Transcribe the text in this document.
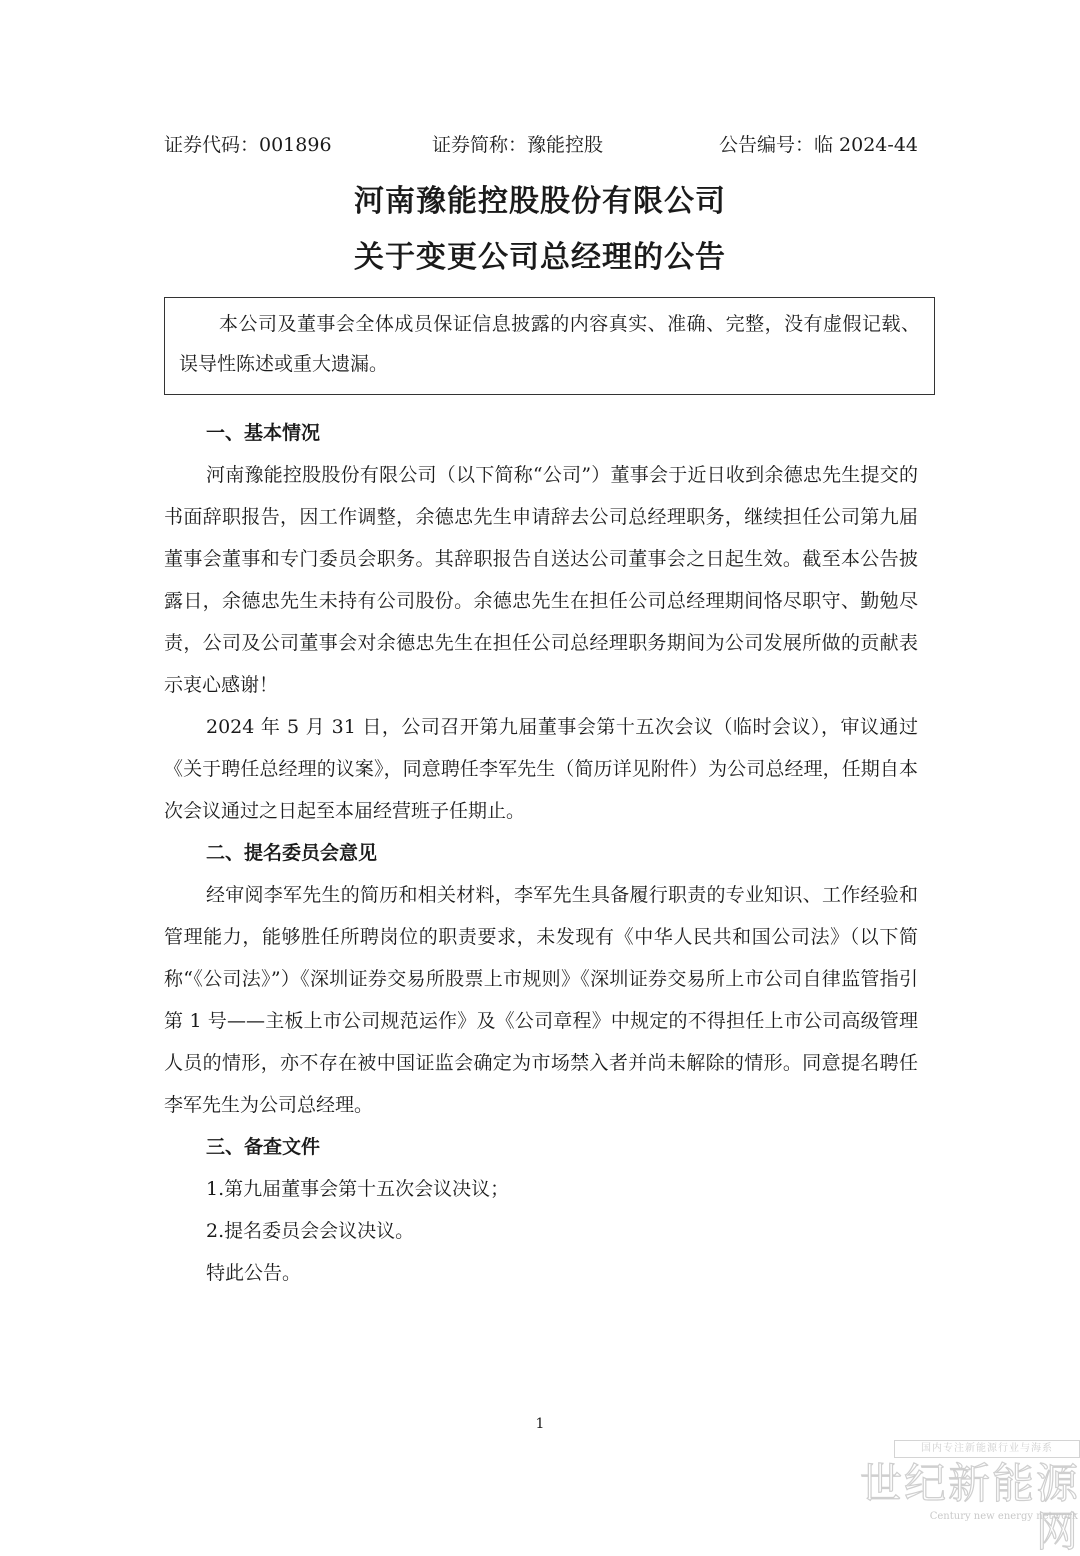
证券代码：001896	证券简称：豫能控股	公告编号：临 2024-44
河南豫能控股股份有限公司
关于变更公司总经理的公告
本公司及董事会全体成员保证信息披露的内容真实、准确、完整，没有虚假记载、误导性陈述或重大遗漏。

一、基本情况

河南豫能控股股份有限公司（以下简称“公司”）董事会于近日收到余德忠先生提交的书面辞职报告，因工作调整，余德忠先生申请辞去公司总经理职务，继续担任公司第九届董事会董事和专门委员会职务。其辞职报告自送达公司董事会之日起生效。截至本公告披露日，余德忠先生未持有公司股份。余德忠先生在担任公司总经理期间恪尽职守、勤勉尽责，公司及公司董事会对余德忠先生在担任公司总经理职务期间为公司发展所做的贡献表示衷心感谢！

2024 年 5 月 31 日，公司召开第九届董事会第十五次会议（临时会议），审议通过《关于聘任总经理的议案》，同意聘任李军先生（简历详见附件）为公司总经理，任期自本次会议通过之日起至本届经营班子任期止。

二、提名委员会意见

经审阅李军先生的简历和相关材料，李军先生具备履行职责的专业知识、工作经验和管理能力，能够胜任所聘岗位的职责要求，未发现有《中华人民共和国公司法》（以下简称“《公司法》”）《深圳证券交易所股票上市规则》《深圳证券交易所上市公司自律监管指引第 1 号——主板上市公司规范运作》及《公司章程》中规定的不得担任上市公司高级管理人员的情形，亦不存在被中国证监会确定为市场禁入者并尚未解除的情形。同意提名聘任李军先生为公司总经理。

三、备查文件

1.第九届董事会第十五次会议决议；

2.提名委员会会议决议。

特此公告。

1
国内专注新能源行业与海系
世纪新能源网
Century new energy network
